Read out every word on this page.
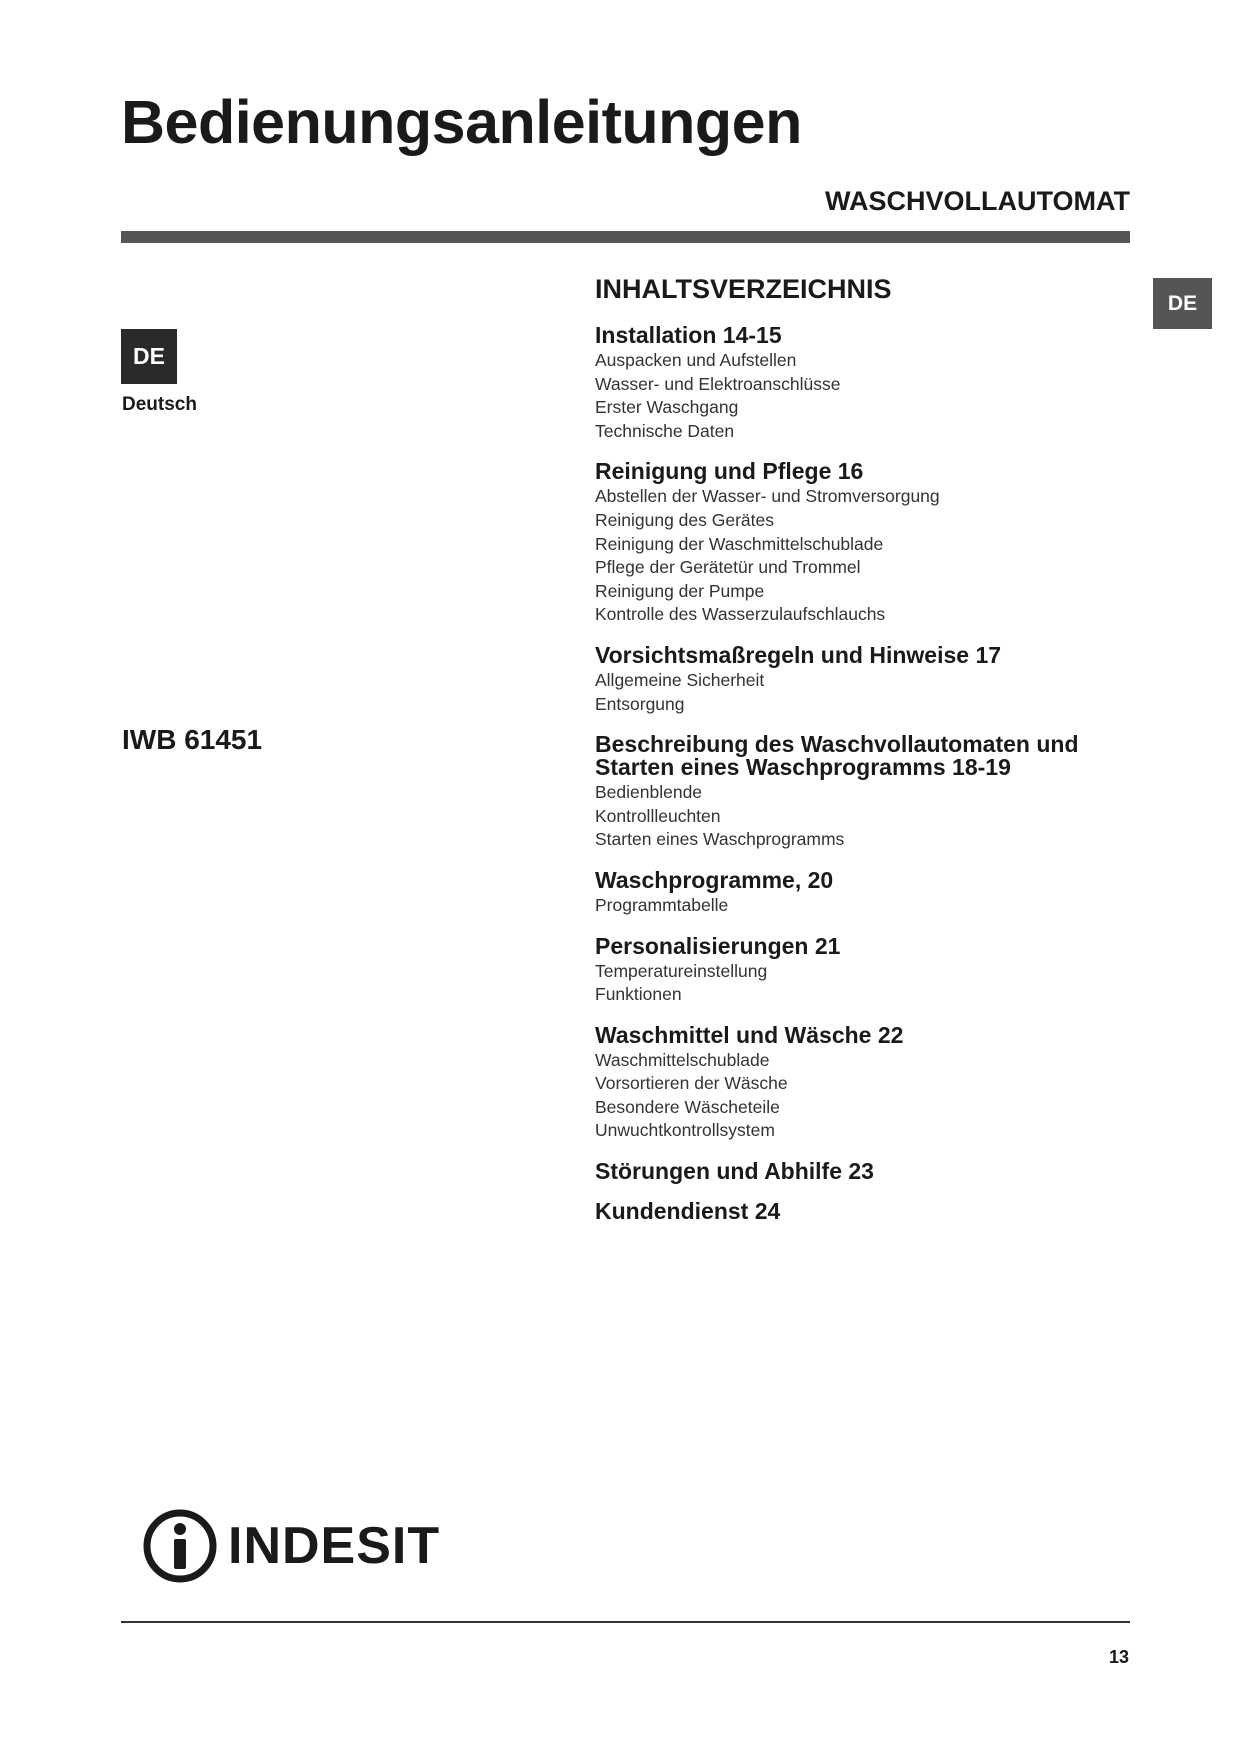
Bedienungsanleitungen
WASCHVOLLAUTOMAT
DE
DE
Deutsch
IWB 61451
INHALTSVERZEICHNIS
Installation 14-15
Auspacken und Aufstellen
Wasser- und Elektroanschlüsse
Erster Waschgang
Technische Daten
Reinigung und Pflege 16
Abstellen der Wasser- und Stromversorgung
Reinigung des Gerätes
Reinigung der Waschmittelschublade
Pflege der Gerätetür und Trommel
Reinigung der Pumpe
Kontrolle des Wasserzulaufschlauchs
Vorsichtsmaßregeln und Hinweise 17
Allgemeine Sicherheit
Entsorgung
Beschreibung des Waschvollautomaten und Starten eines Waschprogramms 18-19
Bedienblende
Kontrollleuchten
Starten eines Waschprogramms
Waschprogramme, 20
Programmtabelle
Personalisierungen 21
Temperatureinstellung
Funktionen
Waschmittel und Wäsche 22
Waschmittelschublade
Vorsortieren der Wäsche
Besondere Wäscheteile
Unwuchtkontrollsystem
Störungen und Abhilfe 23
Kundendienst 24
INDESIT
13
